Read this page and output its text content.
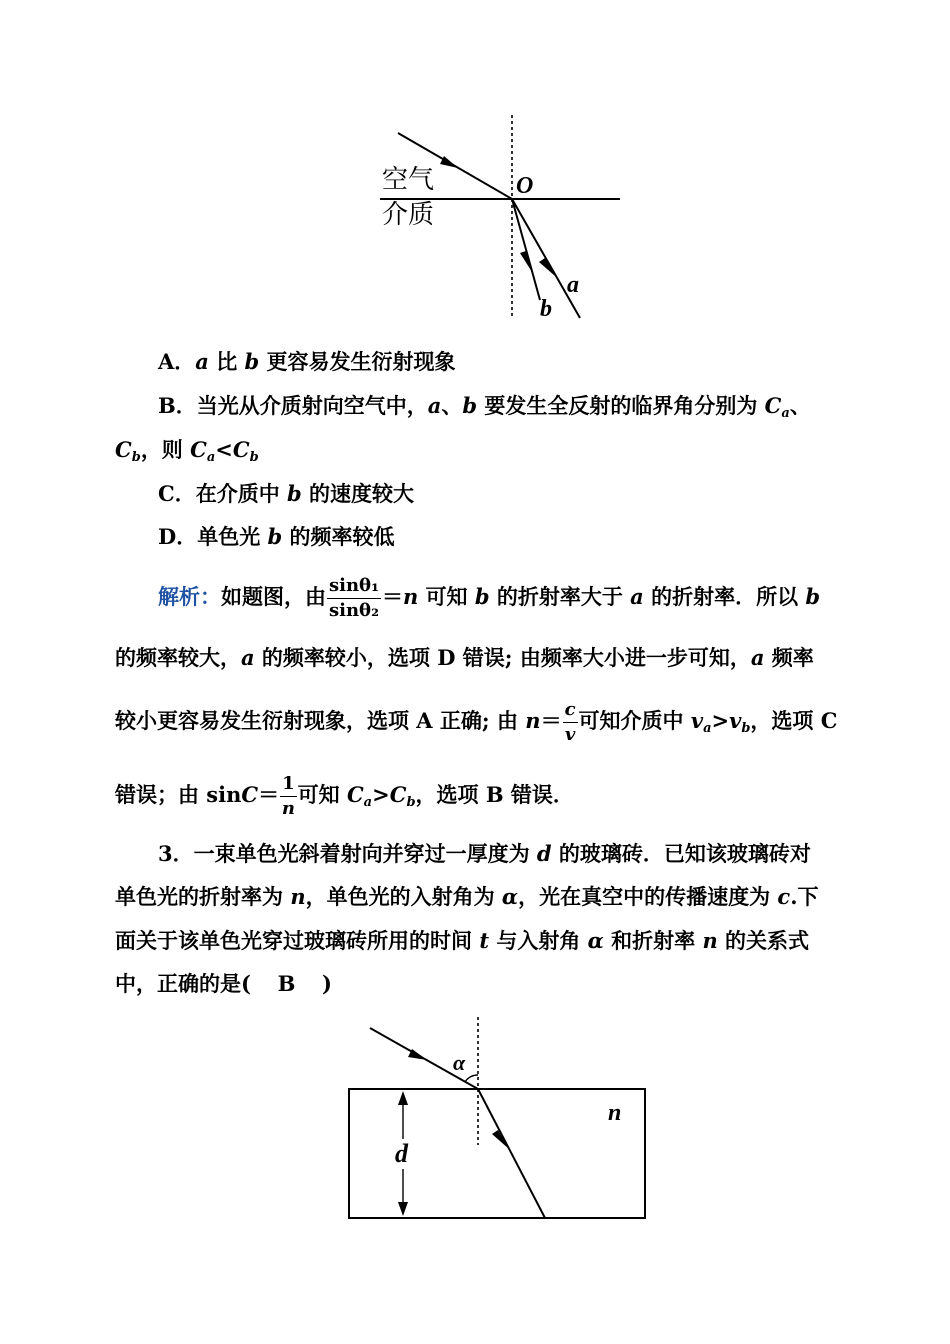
空气
介质
O
a
b
A．a 比 b 更容易发生衍射现象
B．当光从介质射向空气中，a、b 要发生全反射的临界角分别为 $C_a$、
$C_b$，则 $C_a<C_b$
C．在介质中 b 的速度较大
D．单色光 b 的频率较低
解析：如题图，由 $\frac{\text{sinθ₁}}{\text{sinθ₂}} =n$ 可知 b 的折射率大于 a 的折射率．所以 b
的频率较大，a 的频率较小，选项 D 错误; 由频率大小进一步可知，a 频率
较小更容易发生衍射现象，选项 A 正确; 由 $n= \frac{c}{v}$ 可知介质中 $v_a>v_b$，选项 C
错误；由 $\sin C= \frac{1}{n}$ 可知 $C_a>C_b$，选项 B 错误．
3．一束单色光斜着射向并穿过一厚度为 d 的玻璃砖．已知该玻璃砖对
单色光的折射率为 n，单色光的入射角为 α，光在真空中的传播速度为 c.下
面关于该单色光穿过玻璃砖所用的时间 t 与入射角 α 和折射率 n 的关系式
中，正确的是( B )
α
n
d
